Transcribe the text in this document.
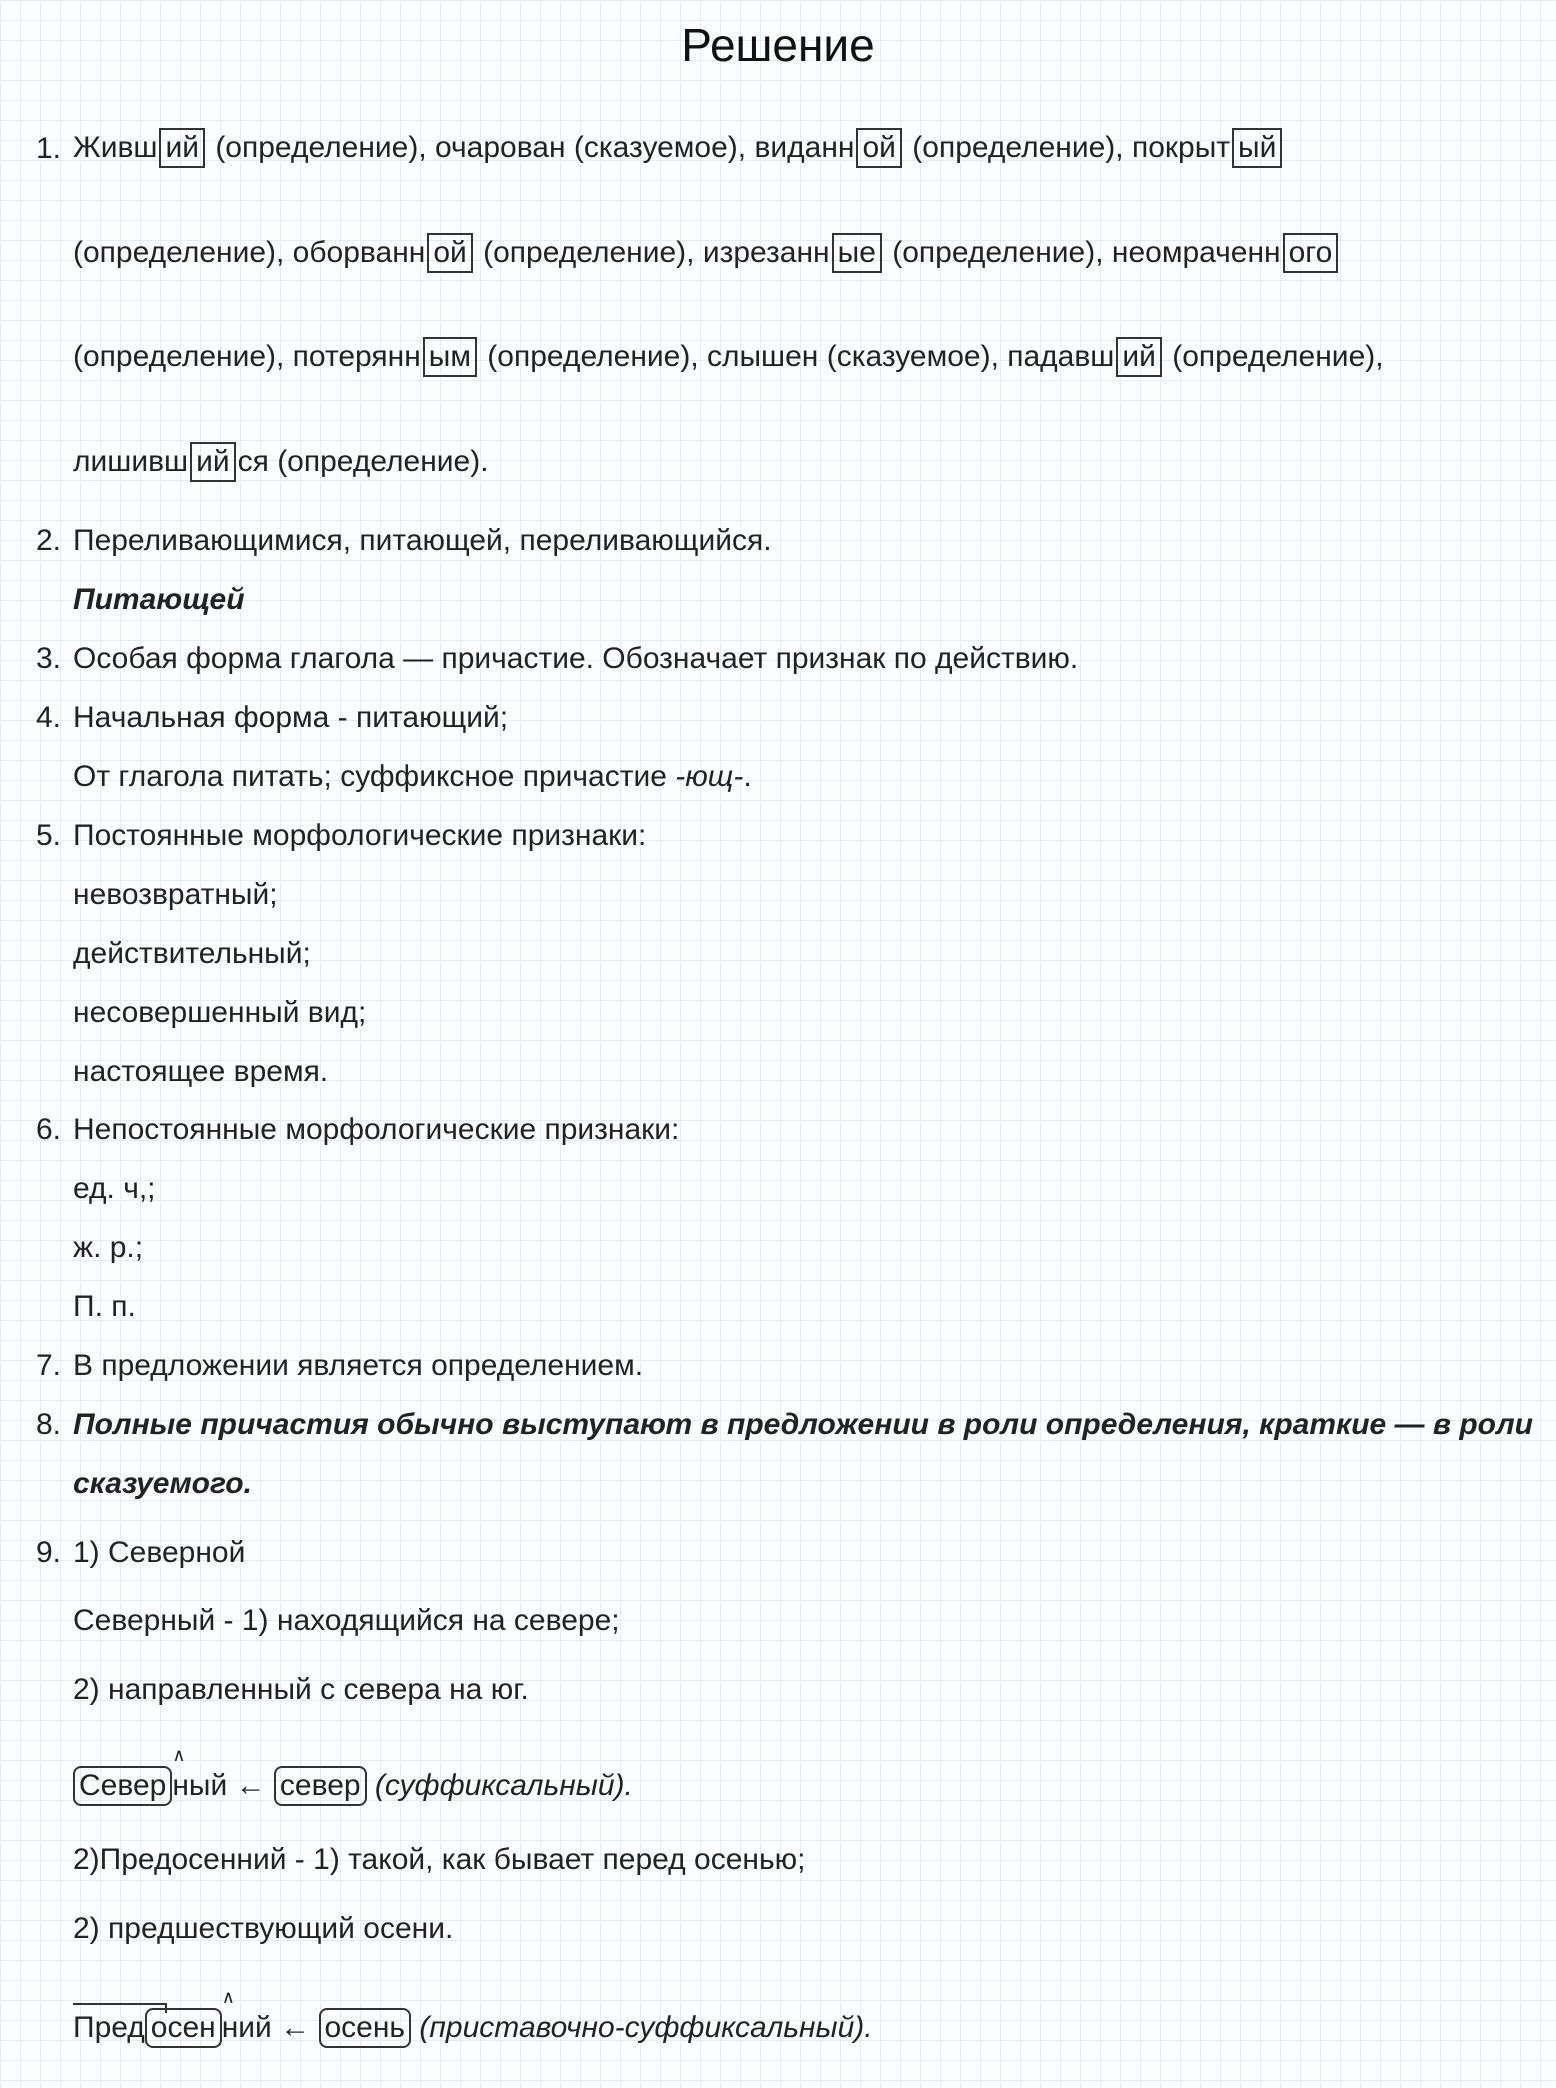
Решение
1.
2.
3.
4.
5.
6.
7.
8.
9.
Живш ий (определение), очарован (сказуемое), виданн ой (определение), покрыт ый
(определение), оборванн ой (определение), изрезанн ые (определение), неомраченн ого
(определение), потерянн ым (определение), слышен (сказуемое), падавш ий (определение),
лишивш ий ся (определение).
Переливающимися, питающей, переливающийся.
Питающей
Особая форма глагола — причастие. Обозначает признак по действию.
Начальная форма - питающий;
От глагола питать; суффиксное причастие -ющ-.
Постоянные морфологические признаки:
невозвратный;
действительный;
несовершенный вид;
настоящее время.
Непостоянные морфологические признаки:
ед. ч,;
ж. р.;
П. п.
В предложении является определением.
Полные причастия обычно выступают в предложении в роли определения, краткие — в роли
сказуемого.
1) Северной
Северный - 1) находящийся на севере;
2) направленный с севера на юг.
Север
∧
ный ← север (суффиксальный).
2)Предосенний - 1) такой, как бывает перед осенью;
2) предшествующий осени.
Пред осен
∧
ний ← осень (приставочно-суффиксальный).
